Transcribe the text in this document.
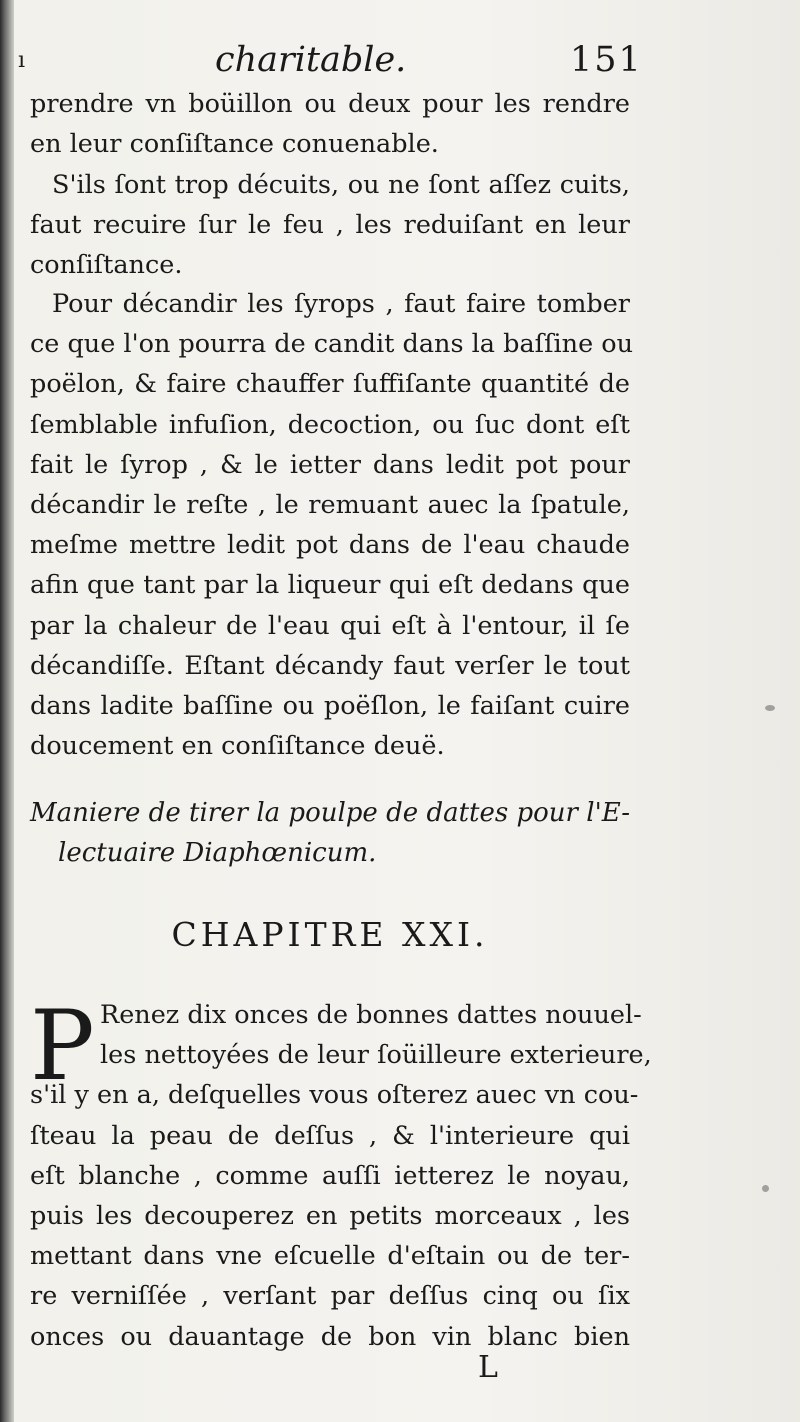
ı	charitable.	151
prendre vn boüillon ou deux pour les rendre
en leur conſiſtance conuenable.
S'ils ſont trop décuits, ou ne ſont aſſez cuits,
faut recuire ſur le feu , les reduiſant en leur
conſiſtance.
Pour décandir les ſyrops , faut faire tomber
ce que l'on pourra de candit dans la baſſine ou
poëlon, & faire chauffer ſuffiſante quantité de
ſemblable infuſion, decoction, ou ſuc dont eſt
fait le ſyrop , & le ietter dans ledit pot pour
décandir le reſte , le remuant auec la ſpatule,
meſme mettre ledit pot dans de l'eau chaude
afin que tant par la liqueur qui eſt dedans que
par la chaleur de l'eau qui eſt à l'entour, il ſe
décandiſſe. Eſtant décandy faut verſer le tout
dans ladite baſſine ou poëſlon, le faiſant cuire
doucement en conſiſtance deuë.
Maniere de tirer la poulpe de dattes pour l'E-
lectuaire Diaphœnicum.
CHAPITRE XXI.
P Renez dix onces de bonnes dattes nouuel-
les nettoyées de leur ſoüilleure exterieure,
s'il y en a, deſquelles vous oſterez auec vn cou-
ſteau la peau de deſſus , & l'interieure qui
eſt blanche , comme auſſi ietterez le noyau,
puis les decouperez en petits morceaux , les
mettant dans vne eſcuelle d'eſtain ou de ter-
re verniſſée , verſant par deſſus cinq ou ſix
onces ou dauantage de bon vin blanc bien
L
